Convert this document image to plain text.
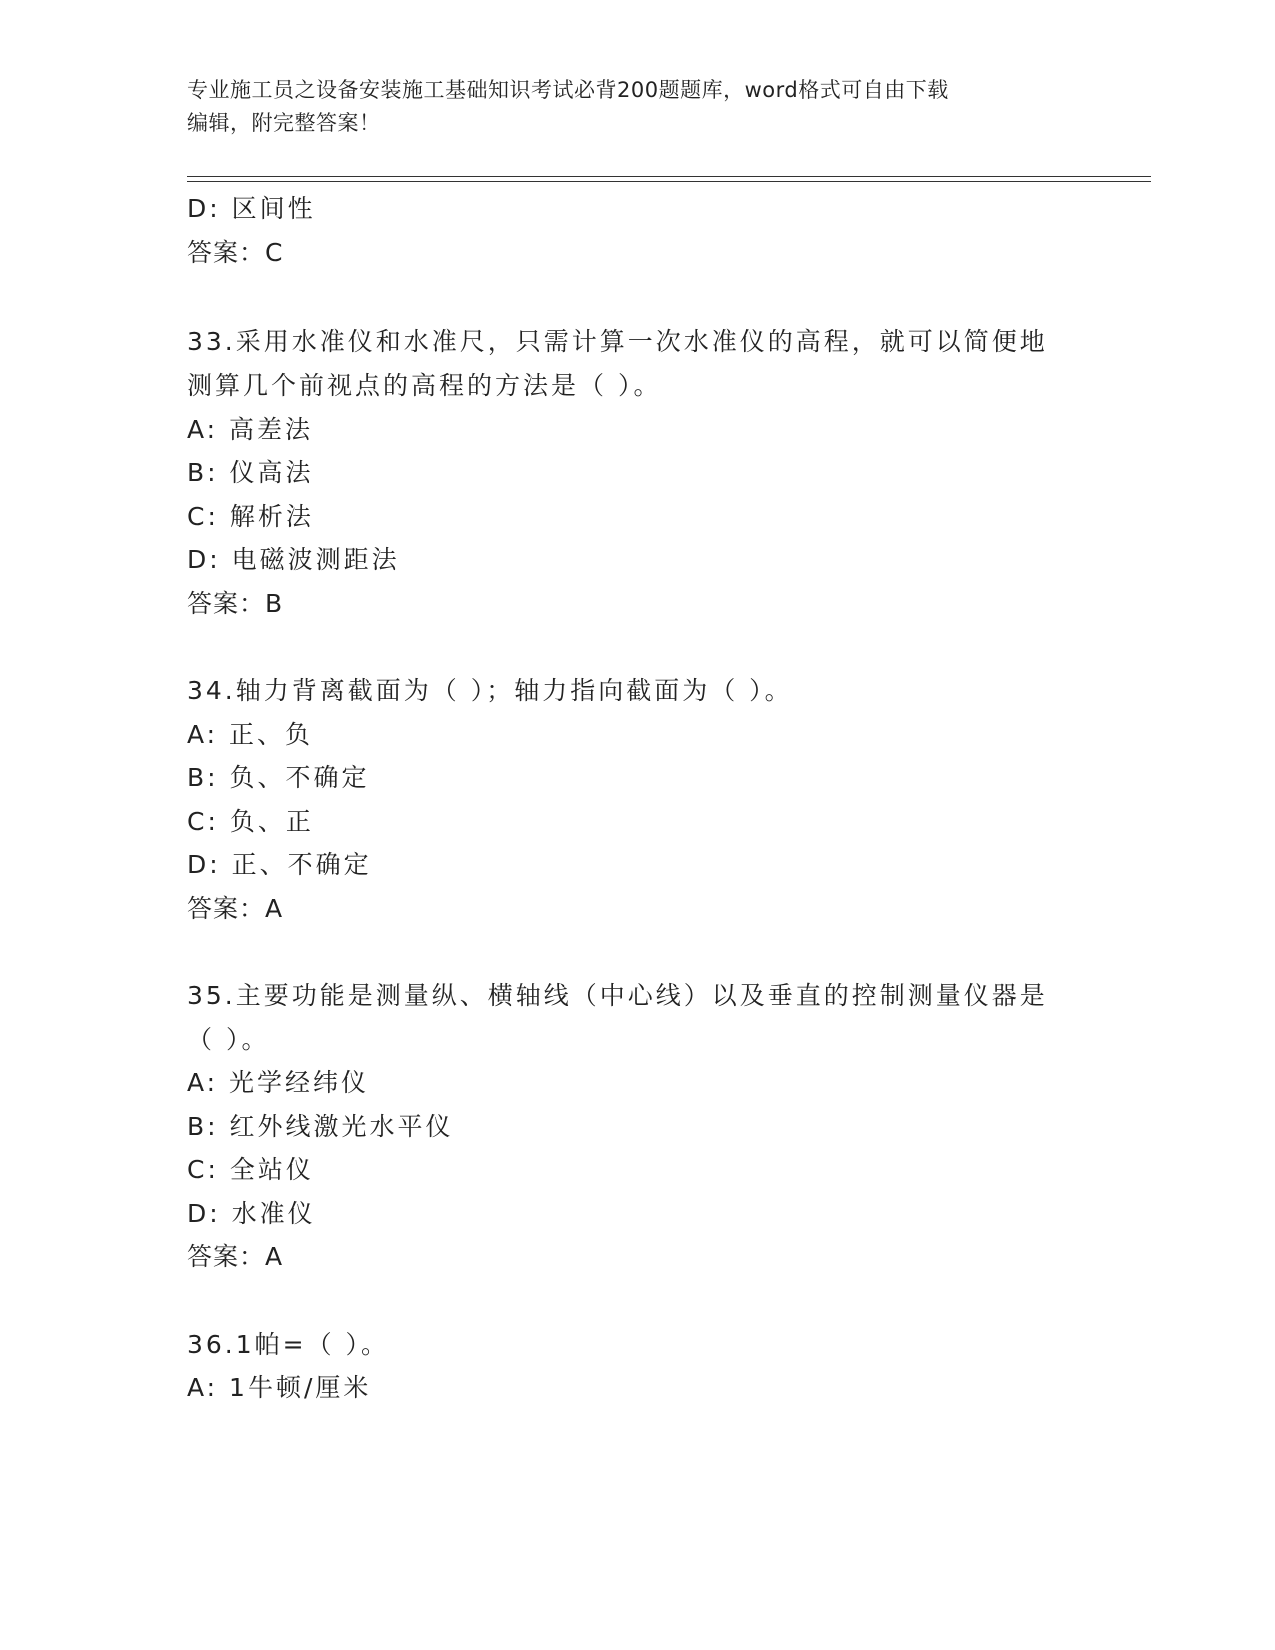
专业施工员之设备安装施工基础知识考试必背200题题库，word格式可自由下载
编辑，附完整答案！
D: 区间性
答案：C
33.采用水准仪和水准尺，只需计算一次水准仪的高程，就可以简便地
测算几个前视点的高程的方法是（ ）。
A: 高差法
B: 仪高法
C: 解析法
D: 电磁波测距法
答案：B
34.轴力背离截面为（ ）；轴力指向截面为（ ）。
A: 正、负
B: 负、不确定
C: 负、正
D: 正、不确定
答案：A
35.主要功能是测量纵、横轴线（中心线）以及垂直的控制测量仪器是
（ ）。
A: 光学经纬仪
B: 红外线激光水平仪
C: 全站仪
D: 水准仪
答案：A
36.1帕=（ ）。
A: 1牛顿/厘米
